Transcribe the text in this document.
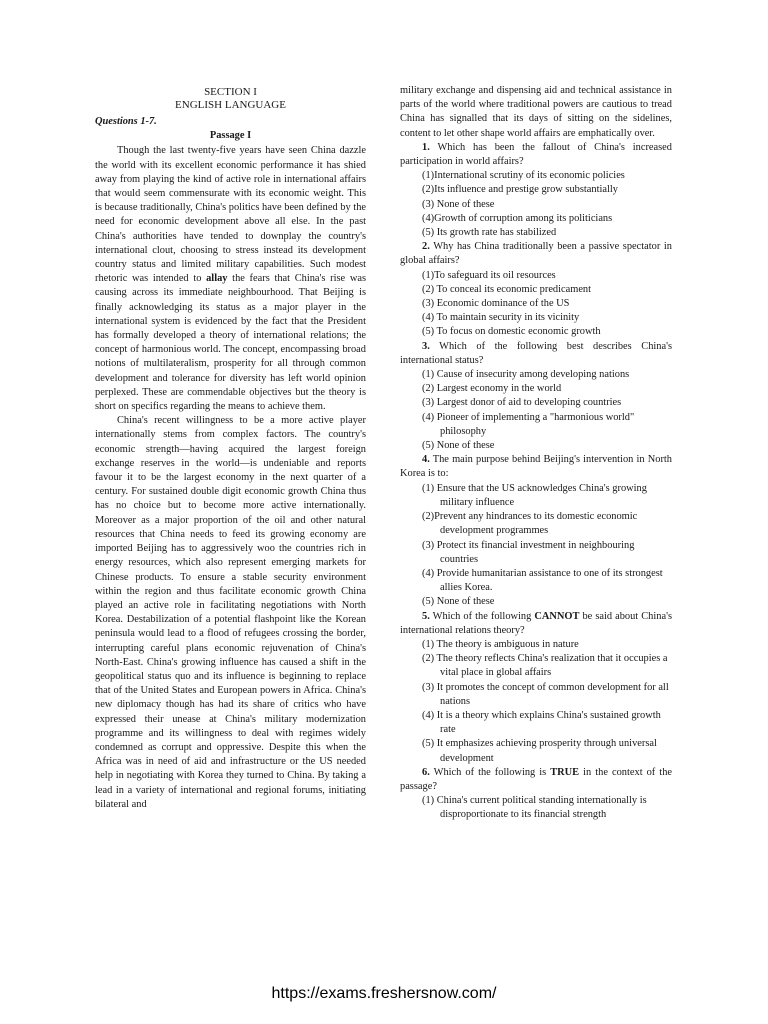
SECTION I
ENGLISH LANGUAGE
Questions 1-7.
Passage I

Though the last twenty-five years have seen China dazzle the world with its excellent economic performance it has shied away from playing the kind of active role in international affairs that would seem commensurate with its economic weight. This is because traditionally, China's politics have been defined by the need for economic development above all else. In the past China's authorities have tended to downplay the country's international clout, choosing to stress instead its development country status and limited military capabilities. Such modest rhetoric was intended to allay the fears that China's rise was causing across its immediate neighbourhood. That Beijing is finally acknowledging its status as a major player in the international system is evidenced by the fact that the President has formally developed a theory of international relations; the concept of harmonious world. The concept, encompassing broad notions of multilateralism, prosperity for all through common development and tolerance for diversity has left world opinion perplexed. These are commendable objectives but the theory is short on specifics regarding the means to achieve them.

China's recent willingness to be a more active player internationally stems from complex factors. The country's economic strength—having acquired the largest foreign exchange reserves in the world—is undeniable and reports favour it to be the largest economy in the next quarter of a century. For sustained double digit economic growth China thus has no choice but to become more active internationally. Moreover as a major proportion of the oil and other natural resources that China needs to feed its growing economy are imported Beijing has to aggressively woo the countries rich in energy resources, which also represent emerging markets for Chinese products. To ensure a stable security environment within the region and thus facilitate economic growth China played an active role in facilitating negotiations with North Korea. Destabilization of a potential flashpoint like the Korean peninsula would lead to a flood of refugees crossing the border, interrupting careful plans economic rejuvenation of China's North-East. China's growing influence has caused a shift in the geopolitical status quo and its influence is beginning to replace that of the United States and European powers in Africa. China's new diplomacy though has had its share of critics who have expressed their unease at China's military modernization programme and its willingness to deal with regimes widely condemned as corrupt and oppressive. Despite this when the Africa was in need of aid and infrastructure or the US needed help in negotiating with Korea they turned to China. By taking a lead in a variety of international and regional forums, initiating bilateral and

military exchange and dispensing aid and technical assistance in parts of the world where traditional powers are cautious to tread China has signalled that its days of sitting on the sidelines, content to let other shape world affairs are emphatically over.

1. Which has been the fallout of China's increased participation in world affairs?
(1)International scrutiny of its economic policies
(2)Its influence and prestige grow substantially
(3) None of these
(4)Growth of corruption among its politicians
(5) Its growth rate has stabilized
2. Why has China traditionally been a passive spectator in global affairs?
(1)To safeguard its oil resources
(2) To conceal its economic predicament
(3) Economic dominance of the US
(4) To maintain security in its vicinity
(5) To focus on domestic economic growth
3. Which of the following best describes China's international status?
(1) Cause of insecurity among developing nations
(2) Largest economy in the world
(3) Largest donor of aid to developing countries
(4) Pioneer of implementing a "harmonious world" philosophy
(5) None of these
4. The main purpose behind Beijing's intervention in North Korea is to:
(1) Ensure that the US acknowledges China's growing military influence
(2)Prevent any hindrances to its domestic economic development programmes
(3) Protect its financial investment in neighbouring countries
(4) Provide humanitarian assistance to one of its strongest allies Korea.
(5) None of these
5. Which of the following CANNOT be said about China's international relations theory?
(1) The theory is ambiguous in nature
(2) The theory reflects China's realization that it occupies a vital place in global affairs
(3) It promotes the concept of common development for all nations
(4) It is a theory which explains China's sustained growth rate
(5) It emphasizes achieving prosperity through universal development
6. Which of the following is TRUE in the context of the passage?
(1) China's current political standing internationally is disproportionate to its financial strength
https://exams.freshersnow.com/
